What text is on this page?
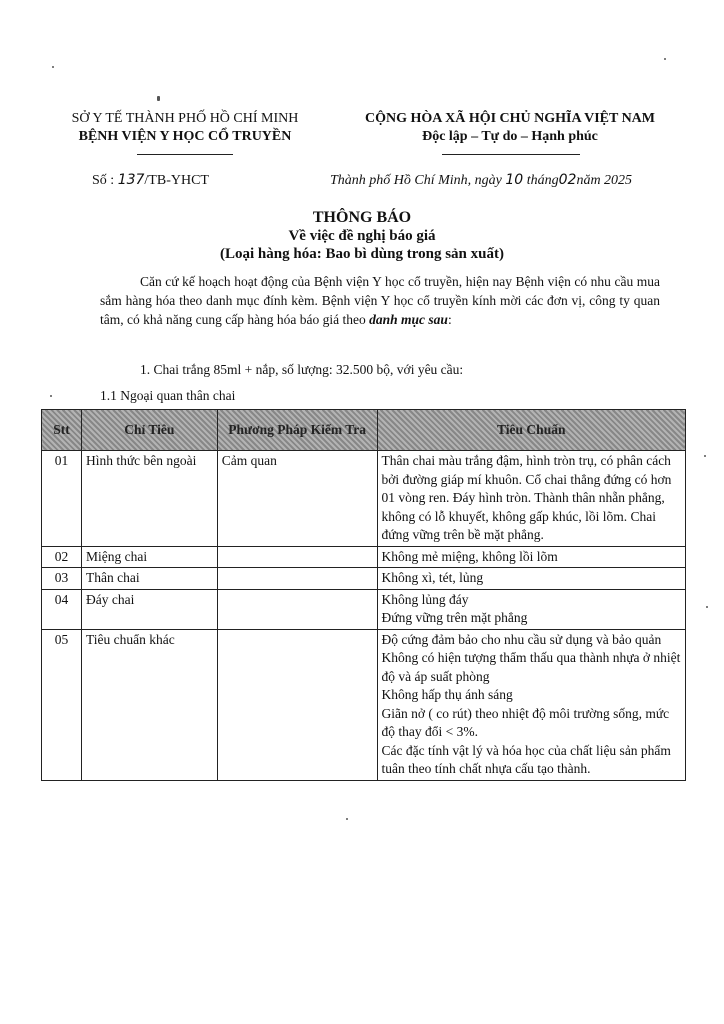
SỞ Y TẾ THÀNH PHỐ HỒ CHÍ MINH
BỆNH VIỆN Y HỌC CỔ TRUYỀN
CỘNG HÒA XÃ HỘI CHỦ NGHĨA VIỆT NAM
Độc lập – Tự do – Hạnh phúc
Số : 137/TB-YHCT	Thành phố Hồ Chí Minh, ngày 10 tháng02năm 2025
THÔNG BÁO
Về việc đề nghị báo giá
(Loại hàng hóa: Bao bì dùng trong sản xuất)
Căn cứ kế hoạch hoạt động của Bệnh viện Y học cổ truyền, hiện nay Bệnh viện có nhu cầu mua sắm hàng hóa theo danh mục đính kèm. Bệnh viện Y học cổ truyền kính mời các đơn vị, công ty quan tâm, có khả năng cung cấp hàng hóa báo giá theo danh mục sau:
1. Chai trắng 85ml + nắp, số lượng: 32.500 bộ, với yêu cầu:
1.1 Ngoại quan thân chai
Stt	Chỉ Tiêu	Phương Pháp Kiểm Tra	Tiêu Chuẩn
01	Hình thức bên ngoài	Cảm quan	Thân chai màu trắng đậm, hình tròn trụ, có phân cách bởi đường giáp mí khuôn. Cổ chai thẳng đứng có hơn 01 vòng ren. Đáy hình tròn. Thành thân nhẵn phẳng, không có lỗ khuyết, không gấp khúc, lồi lõm. Chai đứng vững trên bề mặt phẳng.

02	Miệng chai		Không mẻ miệng, không lồi lõm

03	Thân chai		Không xì, tét, lủng

04	Đáy chai		Không lủng đáy
Đứng vững trên mặt phẳng

05	Tiêu chuẩn khác		Độ cứng đảm bảo cho nhu cầu sử dụng và bảo quản
Không có hiện tượng thẩm thấu qua thành nhựa ở nhiệt độ và áp suất phòng
Không hấp thụ ánh sáng
Giãn nở ( co rút) theo nhiệt độ môi trường sống, mức độ thay đổi < 3%.
Các đặc tính vật lý và hóa học của chất liệu sản phẩm tuân theo tính chất nhựa cấu tạo thành.
